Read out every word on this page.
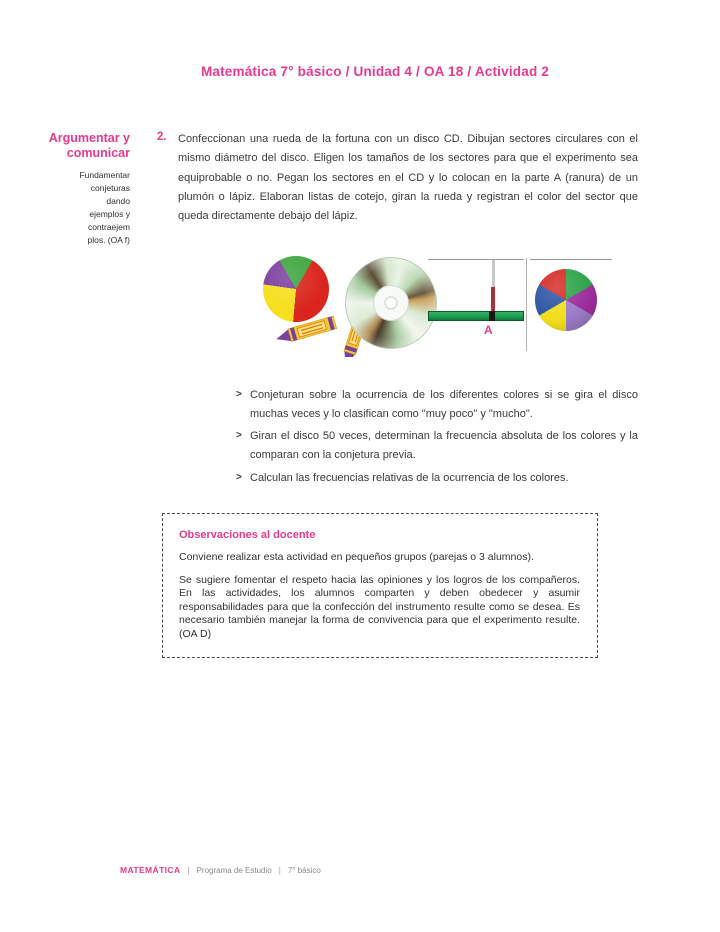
Matemática 7° básico / Unidad 4 / OA 18 / Actividad 2
Argumentar y comunicar
Fundamentar
conjeturas
dando
ejemplos y
contraejem
plos. (OA f)
2. Confeccionan una rueda de la fortuna con un disco CD. Dibujan sectores circulares con el mismo diámetro del disco. Eligen los tamaños de los sectores para que el experimento sea equiprobable o no. Pegan los sectores en el CD y lo colocan en la parte A (ranura) de un plumón o lápiz. Elaboran listas de cotejo, giran la rueda y registran el color del sector que queda directamente debajo del lápiz.
A
> Conjeturan sobre la ocurrencia de los diferentes colores si se gira el disco muchas veces y lo clasifican como "muy poco" y "mucho".
> Giran el disco 50 veces, determinan la frecuencia absoluta de los colores y la comparan con la conjetura previa.
> Calculan las frecuencias relativas de la ocurrencia de los colores.
Observaciones al docente
Conviene realizar esta actividad en pequeños grupos (parejas o 3 alumnos).
Se sugiere fomentar el respeto hacia las opiniones y los logros de los compañeros. En las actividades, los alumnos comparten y deben obedecer y asumir responsabilidades para que la confección del instrumento resulte como se desea. Es necesario también manejar la forma de convivencia para que el experimento resulte. (OA D)
MATEMÁTICA | Programa de Estudio | 7° básico
